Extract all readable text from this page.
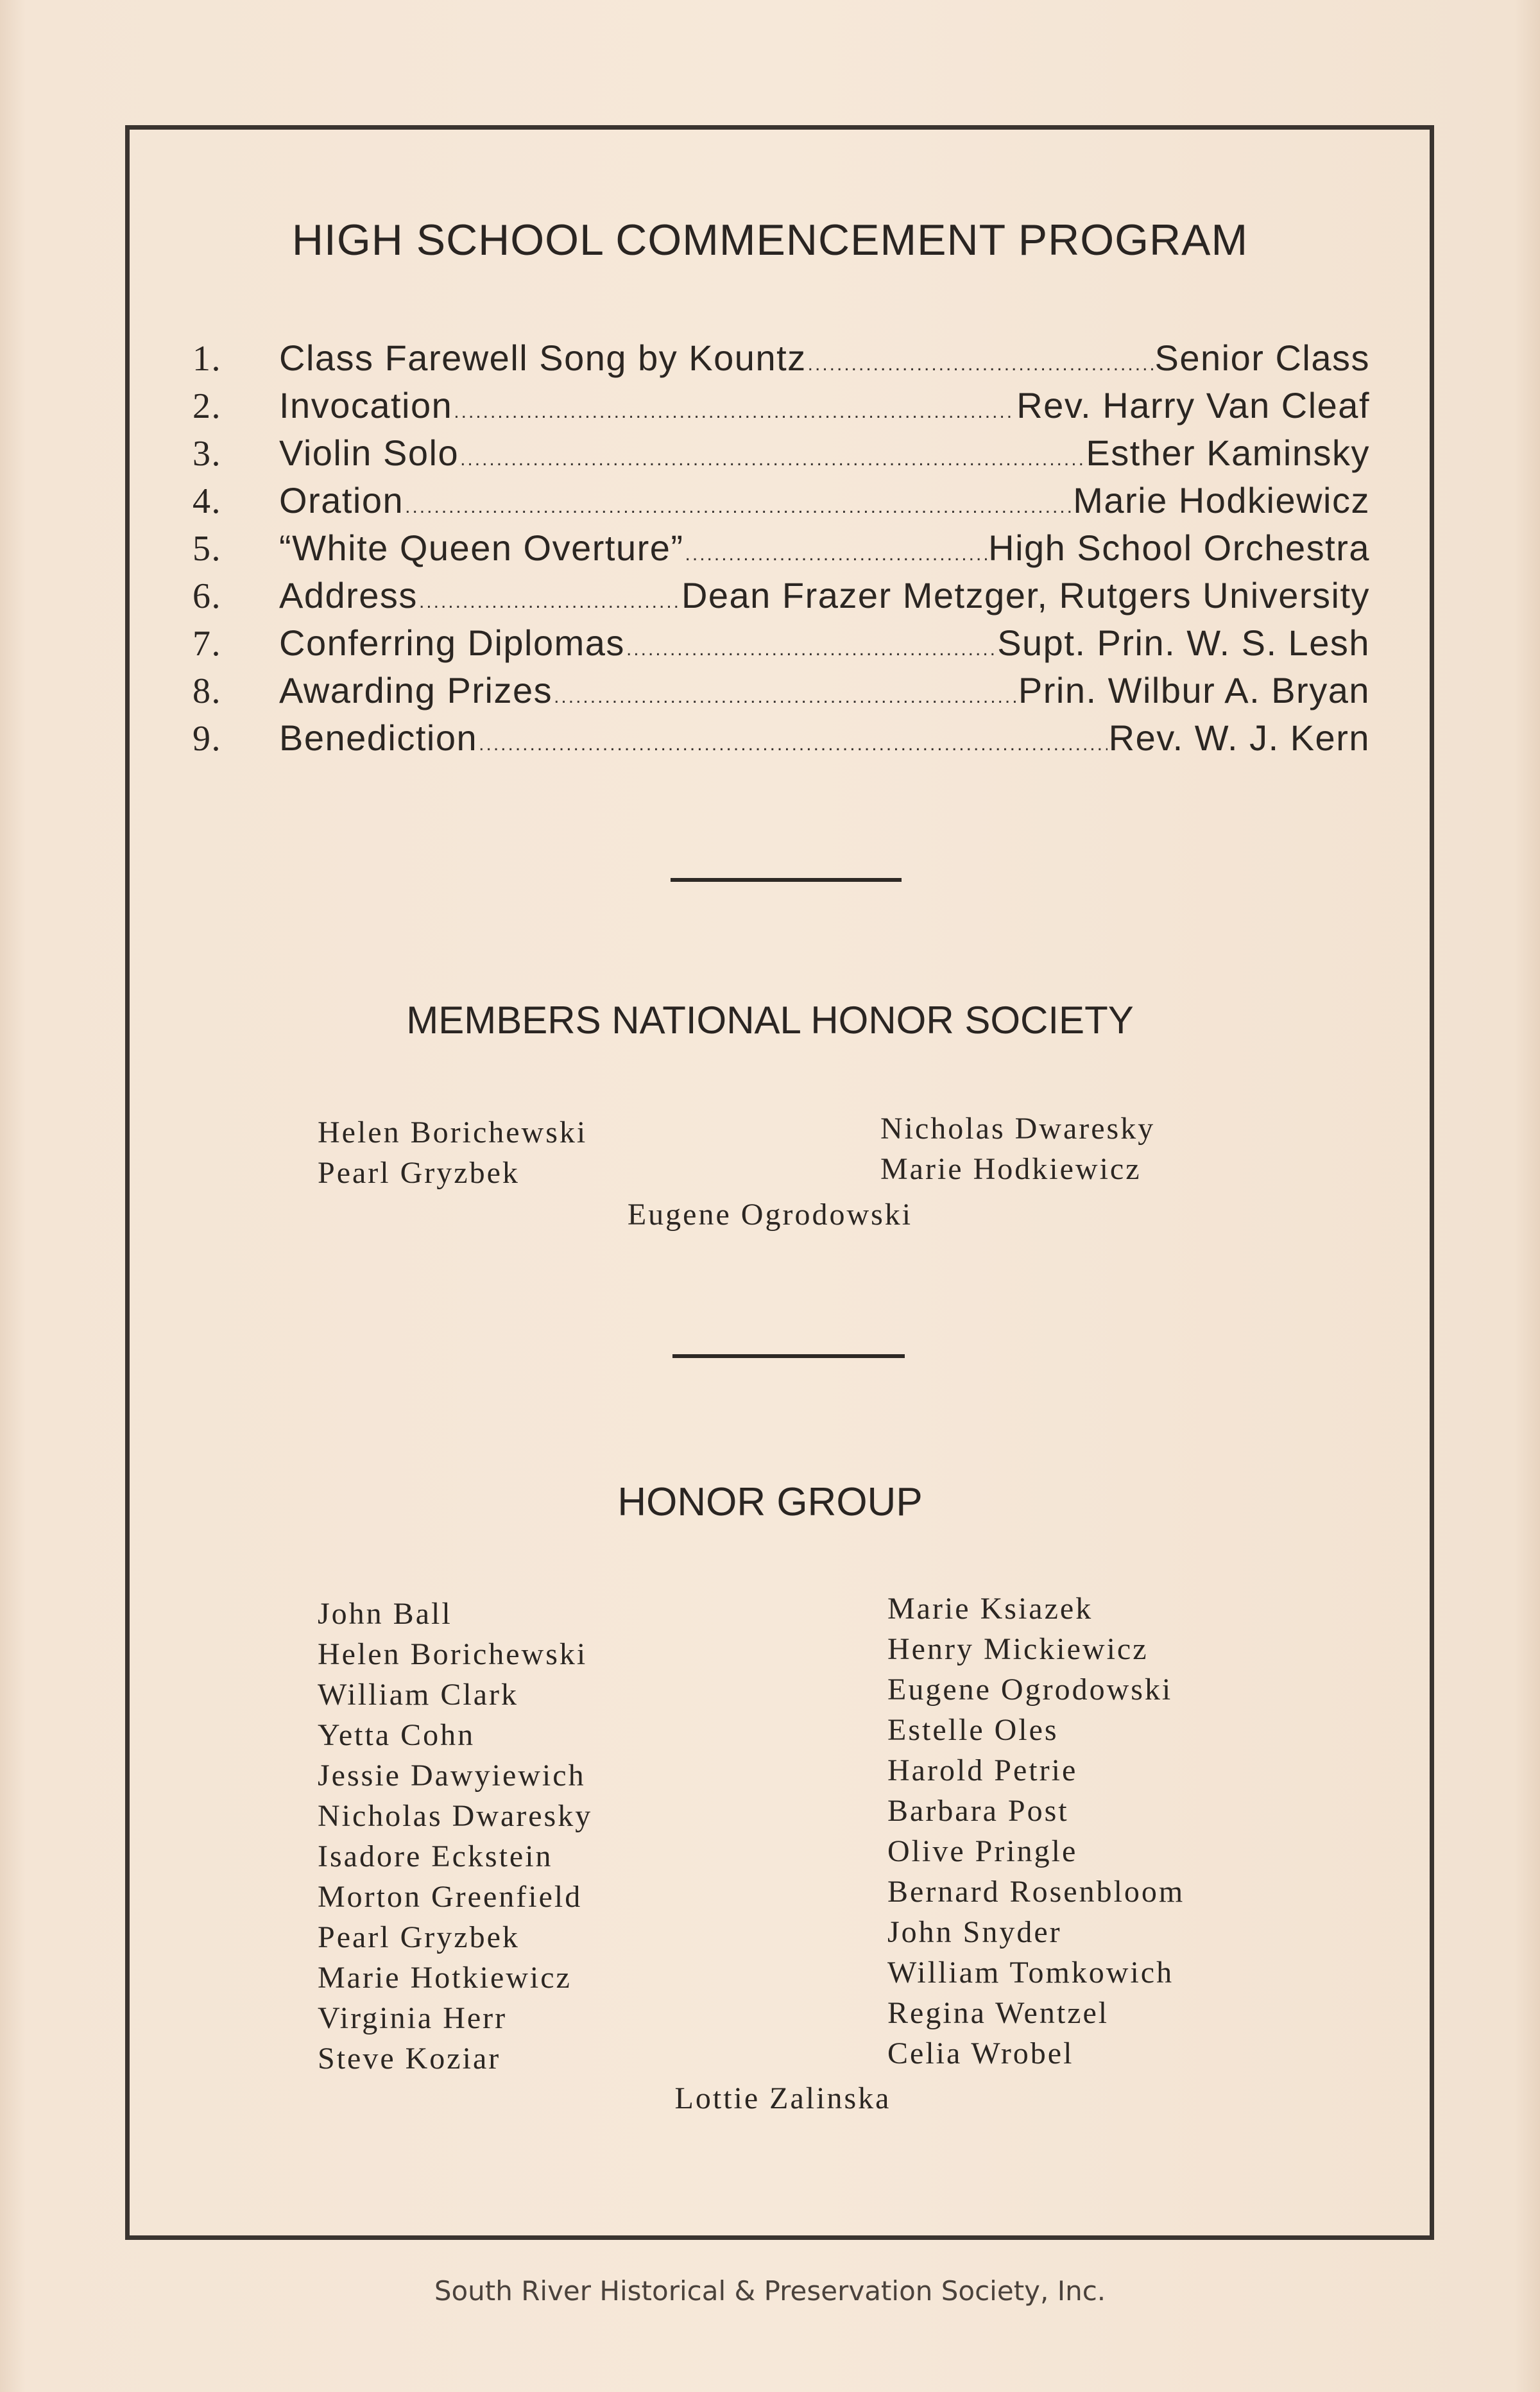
HIGH SCHOOL COMMENCEMENT PROGRAM
1.	Class Farewell Song by Kountz .....	Senior Class
2.	Invocation .....	Rev. Harry Van Cleaf
3.	Violin Solo .....	Esther Kaminsky
4.	Oration .....	Marie Hodkiewicz
5.	“White Queen Overture” .....	High School Orchestra
6.	Address .....	Dean Frazer Metzger, Rutgers University
7.	Conferring Diplomas .....	Supt. Prin. W. S. Lesh
8.	Awarding Prizes .....	Prin. Wilbur A. Bryan
9.	Benediction .....	Rev. W. J. Kern
MEMBERS NATIONAL HONOR SOCIETY
Helen Borichewski
Pearl Gryzbek
Nicholas Dwaresky
Marie Hodkiewicz
Eugene Ogrodowski
HONOR GROUP
John Ball
Helen Borichewski
William Clark
Yetta Cohn
Jessie Dawyiewich
Nicholas Dwaresky
Isadore Eckstein
Morton Greenfield
Pearl Gryzbek
Marie Hotkiewicz
Virginia Herr
Steve Koziar
Marie Ksiazek
Henry Mickiewicz
Eugene Ogrodowski
Estelle Oles
Harold Petrie
Barbara Post
Olive Pringle
Bernard Rosenbloom
John Snyder
William Tomkowich
Regina Wentzel
Celia Wrobel
Lottie Zalinska
South River Historical & Preservation Society, Inc.
